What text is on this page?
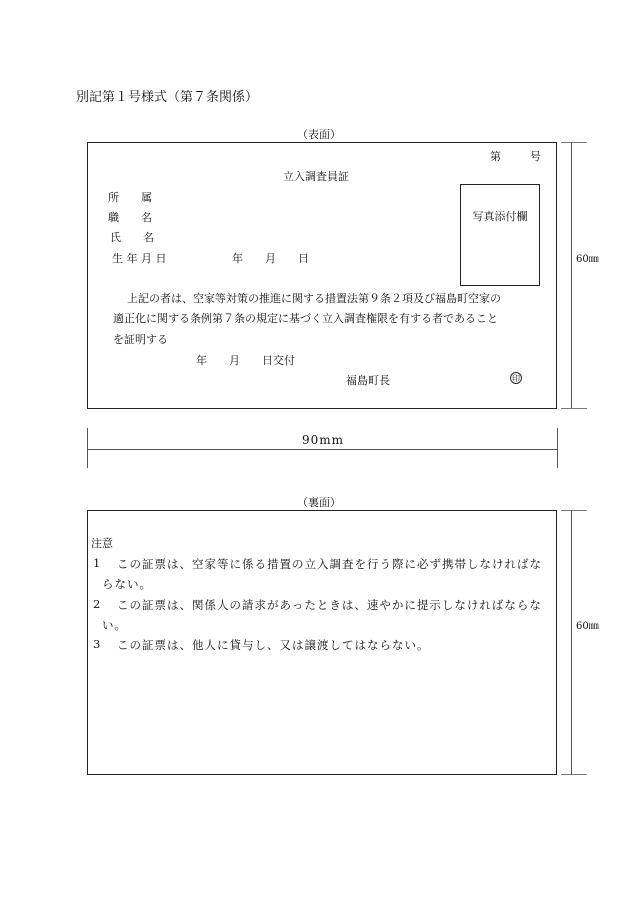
別記第１号様式（第７条関係）
（表面）
第	号
立入調査員証
所　　属
職　　名
氏　　名
生 年 月 日	年　　月　　日
写真添付欄
上記の者は、空家等対策の推進に関する措置法第９条２項及び福島町空家の
適正化に関する条例第７条の規定に基づく立入調査権限を有する者であること
を証明する
年　　月　　日交付
福島町長	印
60㎜
90mm
（裏面）
注意
1 この証票は、空家等に係る措置の立入調査を行う際に必ず携帯しなければな
らない。
2 この証票は、関係人の請求があったときは、速やかに提示しなければならな
い。
3 この証票は、他人に貸与し、又は譲渡してはならない。
60㎜
